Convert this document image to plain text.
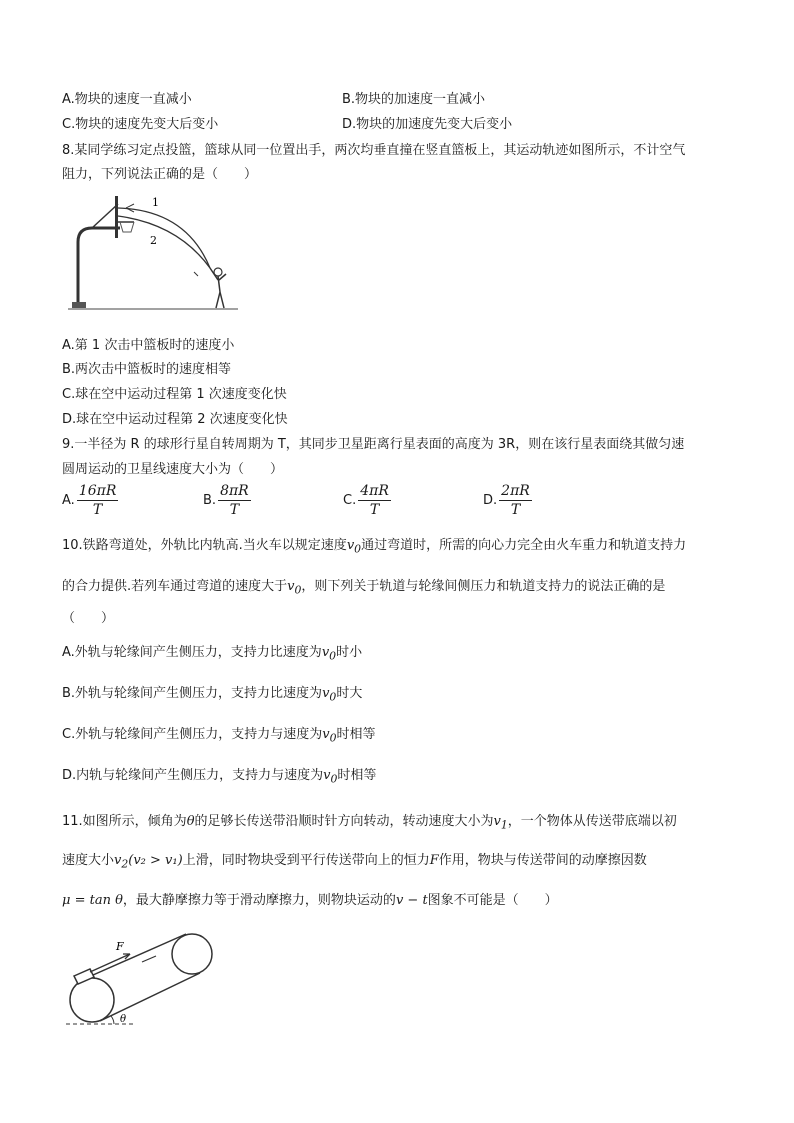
A.物块的速度一直减小	B.物块的加速度一直减小
C.物块的速度先变大后变小	D.物块的加速度先变大后变小
8.某同学练习定点投篮，篮球从同一位置出手，两次均垂直撞在竖直篮板上，其运动轨迹如图所示，不计空气
阻力，下列说法正确的是（　　）
1
2
A.第 1 次击中篮板时的速度小
B.两次击中篮板时的速度相等
C.球在空中运动过程第 1 次速度变化快
D.球在空中运动过程第 2 次速度变化快
9.一半径为 R 的球形行星自转周期为 T，其同步卫星距离行星表面的高度为 3R，则在该行星表面绕其做匀速
圆周运动的卫星线速度大小为（　　）
A. $\frac{16\pi R}{T}$	B. $\frac{8\pi R}{T}$	C. $\frac{4\pi R}{T}$	D. $\frac{2\pi R}{T}$
10.铁路弯道处，外轨比内轨高.当火车以规定速度$v_0$通过弯道时，所需的向心力完全由火车重力和轨道支持力
的合力提供.若列车通过弯道的速度大于$v_0$，则下列关于轨道与轮缘间侧压力和轨道支持力的说法正确的是
（　　）
A.外轨与轮缘间产生侧压力，支持力比速度为$v_0$时小
B.外轨与轮缘间产生侧压力，支持力比速度为$v_0$时大
C.外轨与轮缘间产生侧压力，支持力与速度为$v_0$时相等
D.内轨与轮缘间产生侧压力，支持力与速度为$v_0$时相等
11.如图所示，倾角为θ的足够长传送带沿顺时针方向转动，转动速度大小为$v_1$，一个物体从传送带底端以初
速度大小$v_2(v_2 > v_1)$上滑，同时物块受到平行传送带向上的恒力F作用，物块与传送带间的动摩擦因数
μ = tan θ，最大静摩擦力等于滑动摩擦力，则物块运动的v − t图象不可能是（　　）
F
θ
